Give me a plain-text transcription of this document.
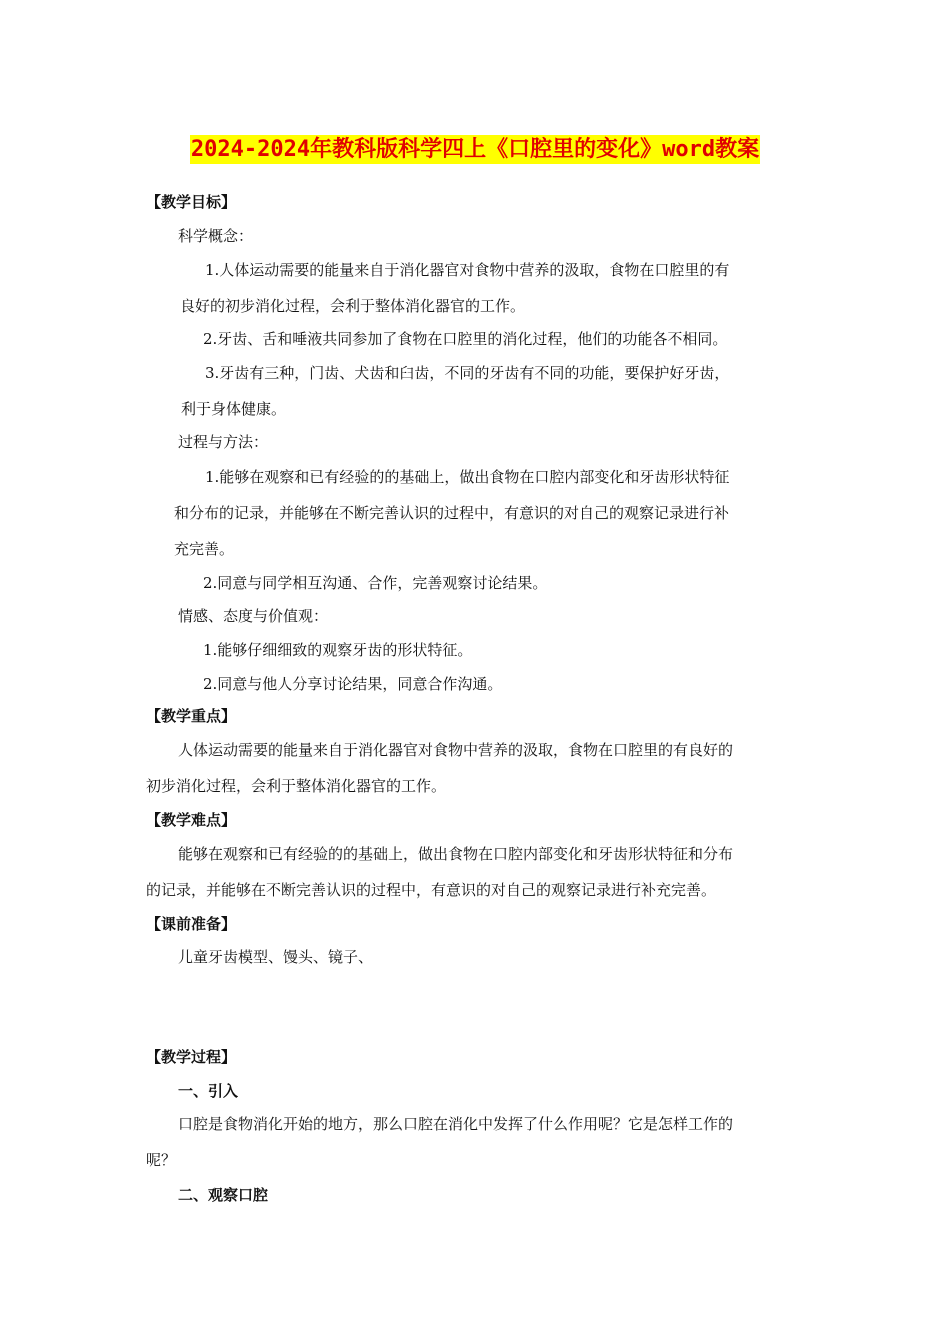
2024-2024年教科版科学四上《口腔里的变化》word教案
【教学目标】
科学概念：
1.人体运动需要的能量来自于消化器官对食物中营养的汲取，食物在口腔里的有
良好的初步消化过程，会利于整体消化器官的工作。
2.牙齿、舌和唾液共同参加了食物在口腔里的消化过程，他们的功能各不相同。
3.牙齿有三种，门齿、犬齿和臼齿，不同的牙齿有不同的功能，要保护好牙齿，
利于身体健康。
过程与方法：
1.能够在观察和已有经验的的基础上，做出食物在口腔内部变化和牙齿形状特征
和分布的记录，并能够在不断完善认识的过程中，有意识的对自己的观察记录进行补
充完善。
2.同意与同学相互沟通、合作，完善观察讨论结果。
情感、态度与价值观：
1.能够仔细细致的观察牙齿的形状特征。
2.同意与他人分享讨论结果，同意合作沟通。
【教学重点】
人体运动需要的能量来自于消化器官对食物中营养的汲取，食物在口腔里的有良好的
初步消化过程，会利于整体消化器官的工作。
【教学难点】
能够在观察和已有经验的的基础上，做出食物在口腔内部变化和牙齿形状特征和分布
的记录，并能够在不断完善认识的过程中，有意识的对自己的观察记录进行补充完善。
【课前准备】
儿童牙齿模型、馒头、镜子、
【教学过程】
一、引入
口腔是食物消化开始的地方，那么口腔在消化中发挥了什么作用呢？它是怎样工作的
呢？
二、观察口腔
